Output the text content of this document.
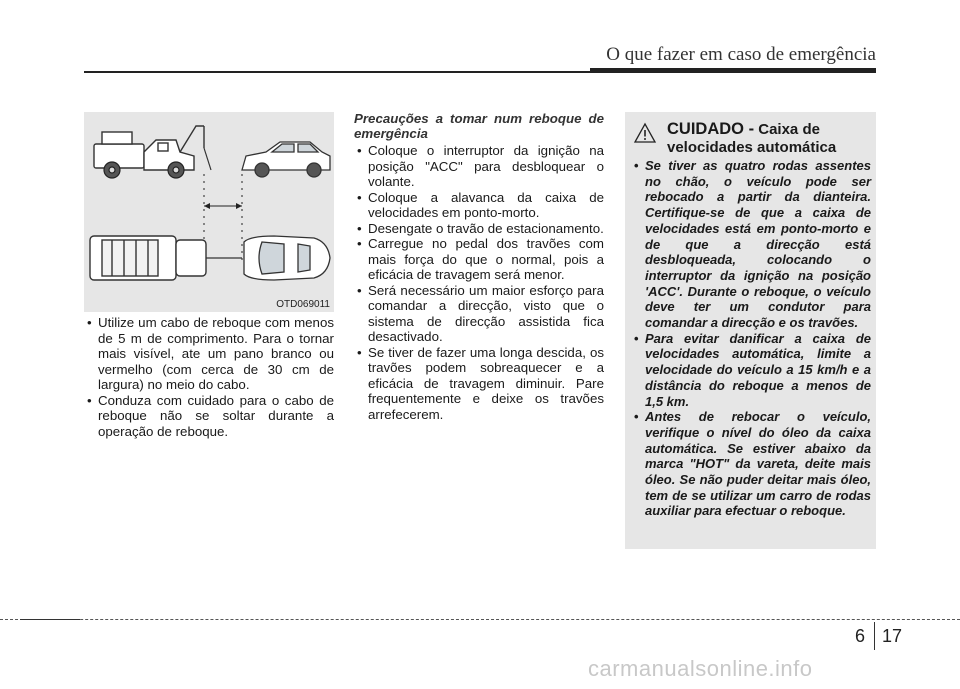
O que fazer em caso de emergência
OTD069011
• Utilize um cabo de reboque com menos de 5 m de comprimento. Para o tornar mais visível, ate um pano branco ou vermelho (com cerca de 30 cm de largura) no meio do cabo.
• Conduza com cuidado para o cabo de reboque não se soltar durante a operação de reboque.
Precauções a tomar num reboque de emergência
• Coloque o interruptor da ignição na posição "ACC" para desbloquear o volante.
• Coloque a alavanca da caixa de velocidades em ponto-morto.
• Desengate o travão de estacionamento.
• Carregue no pedal dos travões com mais força do que o normal, pois a eficácia de travagem será menor.
• Será necessário um maior esforço para comandar a direcção, visto que o sistema de direcção assistida fica desactivado.
• Se tiver de fazer uma longa descida, os travões podem sobreaquecer e a eficácia de travagem diminuir. Pare frequentemente e deixe os travões arrefecerem.
CUIDADO - Caixa de
velocidades automática
• Se tiver as quatro rodas assentes no chão, o veículo pode ser rebocado a partir da dianteira. Certifique-se de que a caixa de velocidades está em ponto-morto e de que a direcção está desbloqueada, colocando o interruptor da ignição na posição 'ACC'. Durante o reboque, o veículo deve ter um condutor para comandar a direcção e os travões.
• Para evitar danificar a caixa de velocidades automática, limite a velocidade do veículo a 15 km/h e a distância do reboque a menos de 1,5 km.
• Antes de rebocar o veículo, verifique o nível do óleo da caixa automática. Se estiver abaixo da marca "HOT" da vareta, deite mais óleo. Se não puder deitar mais óleo, tem de se utilizar um carro de rodas auxiliar para efectuar o reboque.
6 17
carmanualsonline.info
